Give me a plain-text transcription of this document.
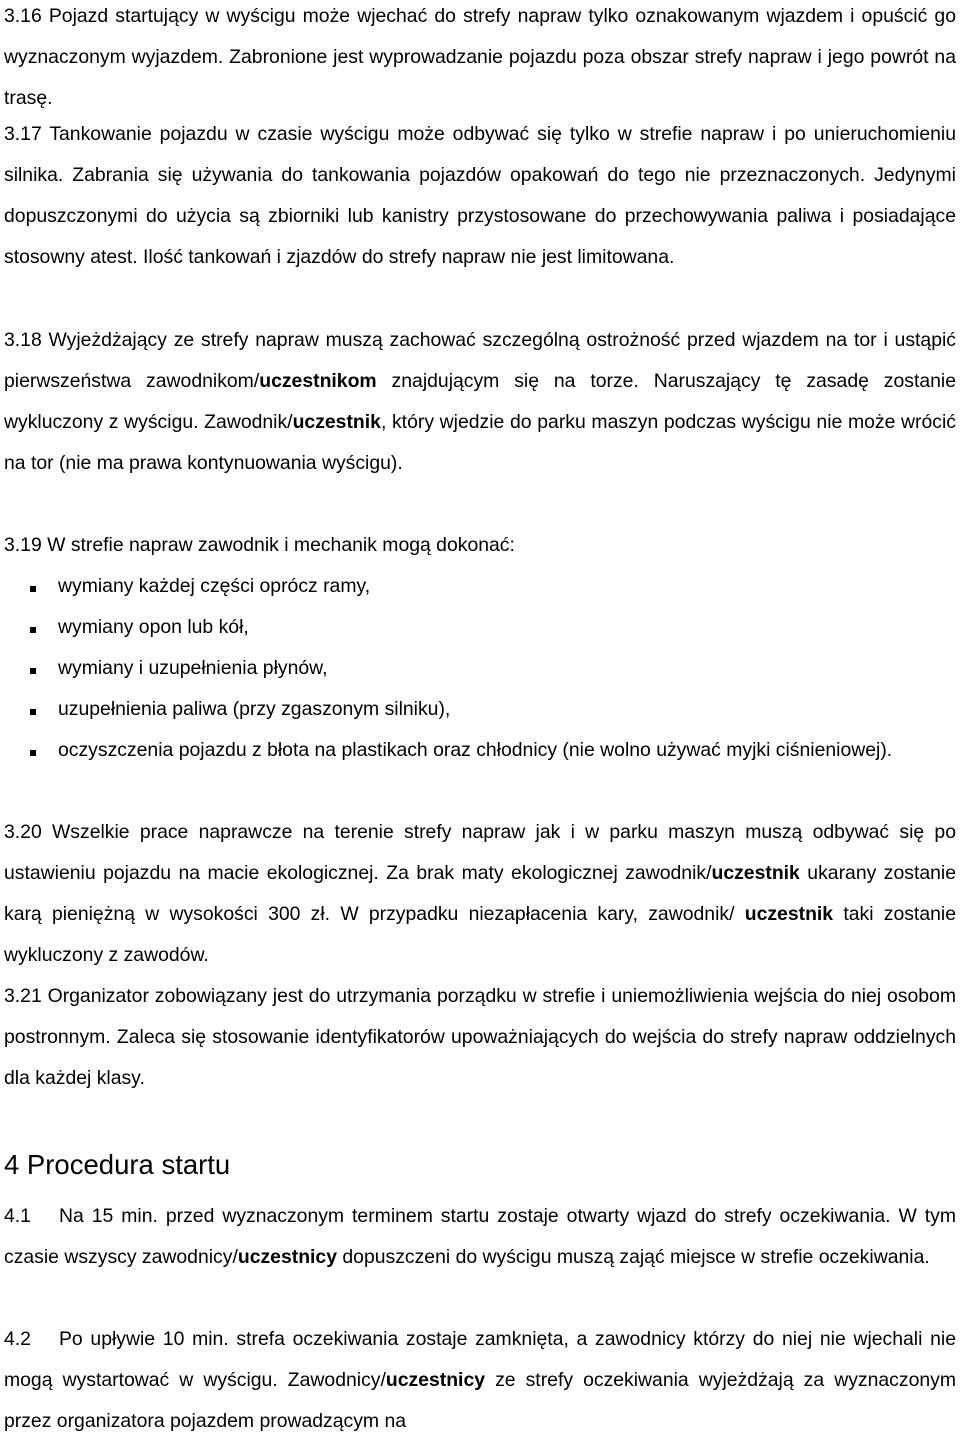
3.16 Pojazd startujący w wyścigu może wjechać do strefy napraw tylko oznakowanym wjazdem i opuścić go wyznaczonym wyjazdem. Zabronione jest wyprowadzanie pojazdu poza obszar strefy napraw i jego powrót na trasę.
3.17 Tankowanie pojazdu w czasie wyścigu może odbywać się tylko w strefie napraw i po unieruchomieniu silnika. Zabrania się używania do tankowania pojazdów opakowań do tego nie przeznaczonych. Jedynymi dopuszczonymi do użycia są zbiorniki lub kanistry przystosowane do przechowywania paliwa i posiadające stosowny atest. Ilość tankowań i zjazdów do strefy napraw nie jest limitowana.
3.18 Wyjeżdżający ze strefy napraw muszą zachować szczególną ostrożność przed wjazdem na tor i ustąpić pierwszeństwa zawodnikom/uczestnikom znajdującym się na torze. Naruszający tę zasadę zostanie wykluczony z wyścigu. Zawodnik/uczestnik, który wjedzie do parku maszyn podczas wyścigu nie może wrócić na tor (nie ma prawa kontynuowania wyścigu).
3.19 W strefie napraw zawodnik i mechanik mogą dokonać:
wymiany każdej części oprócz ramy,
wymiany opon lub kół,
wymiany i uzupełnienia płynów,
uzupełnienia paliwa (przy zgaszonym silniku),
oczyszczenia pojazdu z błota na plastikach oraz chłodnicy (nie wolno używać myjki ciśnieniowej).
3.20 Wszelkie prace naprawcze na terenie strefy napraw jak i w parku maszyn muszą odbywać się po ustawieniu pojazdu na macie ekologicznej. Za brak maty ekologicznej zawodnik/uczestnik ukarany zostanie karą pieniężną w wysokości 300 zł. W przypadku niezapłacenia kary, zawodnik/ uczestnik taki zostanie wykluczony z zawodów.
3.21 Organizator zobowiązany jest do utrzymania porządku w strefie i uniemożliwienia wejścia do niej osobom postronnym. Zaleca się stosowanie identyfikatorów upoważniających do wejścia do strefy napraw oddzielnych dla każdej klasy.
4 Procedura startu
4.1 Na 15 min. przed wyznaczonym terminem startu zostaje otwarty wjazd do strefy oczekiwania. W tym czasie wszyscy zawodnicy/uczestnicy dopuszczeni do wyścigu muszą zająć miejsce w strefie oczekiwania.
4.2 Po upływie 10 min. strefa oczekiwania zostaje zamknięta, a zawodnicy którzy do niej nie wjechali nie mogą wystartować w wyścigu. Zawodnicy/uczestnicy ze strefy oczekiwania wyjeżdżają za wyznaczonym przez organizatora pojazdem prowadzącym na
